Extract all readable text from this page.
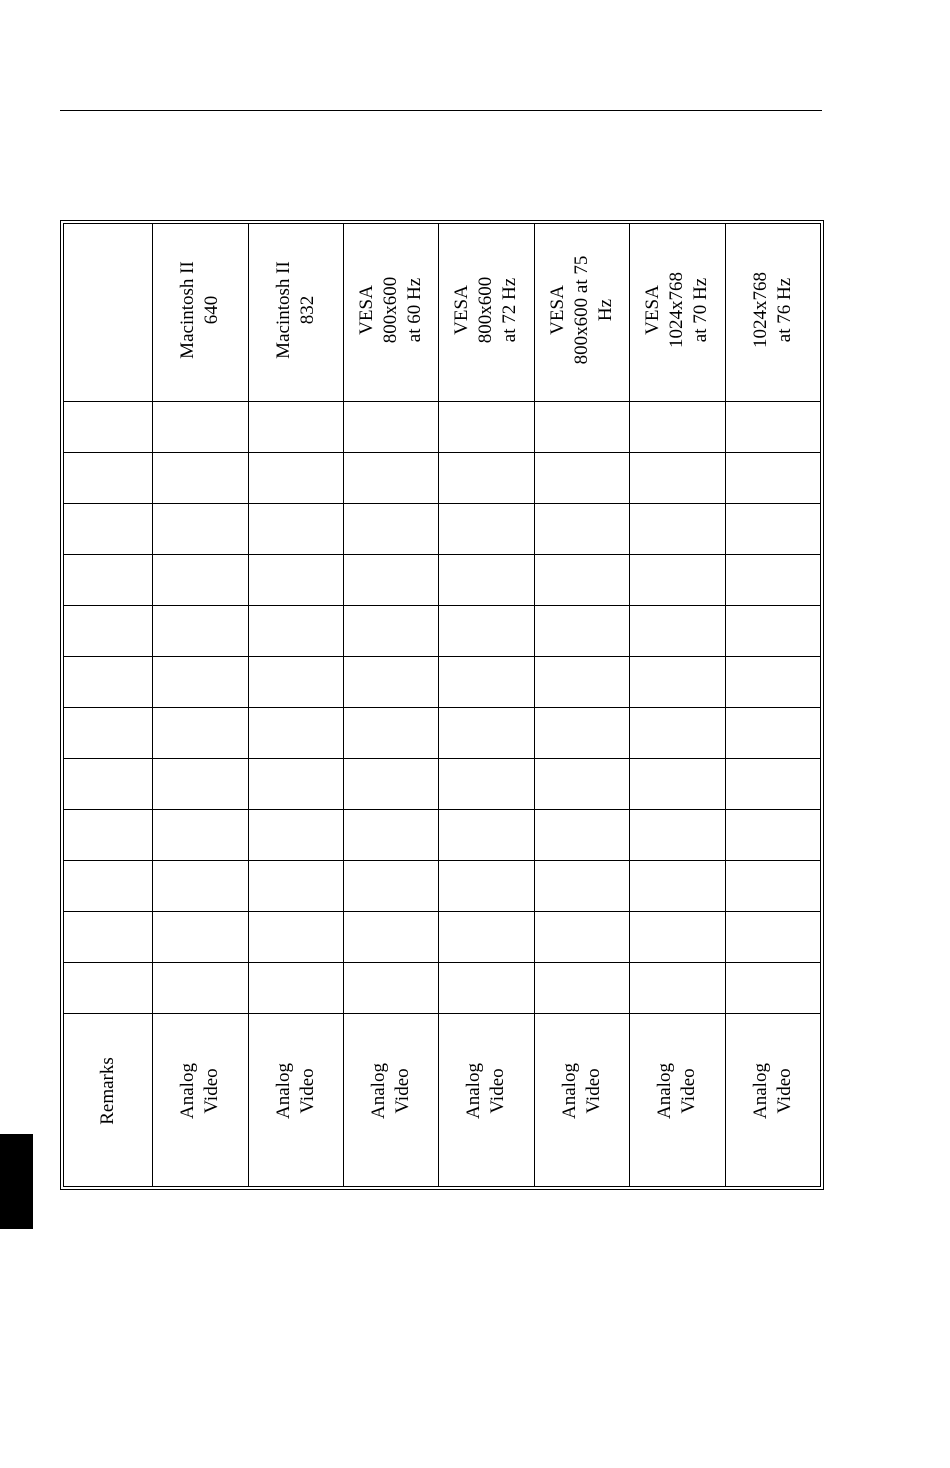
Remarks
Macintosh II
640
Analog
Video
Macintosh II
832
Analog
Video
VESA
800x600
at 60 Hz
Analog
Video
VESA
800x600
at 72 Hz
Analog
Video
VESA
800x600 at 75
Hz
Analog
Video
VESA
1024x768
at 70 Hz
Analog
Video
1024x768
at 76 Hz
Analog
Video
